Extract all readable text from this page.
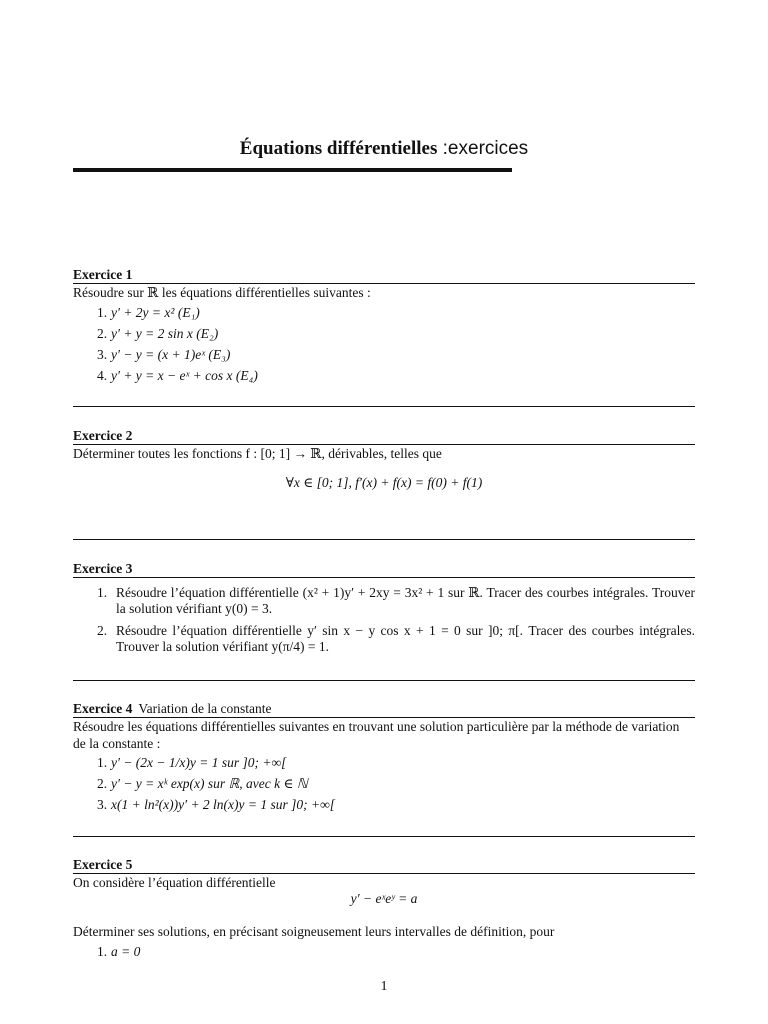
Équations différentielles :exercices
Exercice 1
Résoudre sur ℝ les équations différentielles suivantes :
1. y′ + 2y = x² (E₁)
2. y′ + y = 2 sin x (E₂)
3. y′ − y = (x + 1)eˣ (E₃)
4. y′ + y = x − eˣ + cos x (E₄)
Exercice 2
Déterminer toutes les fonctions f : [0; 1] → ℝ, dérivables, telles que
∀x ∈ [0; 1], f′(x) + f(x) = f(0) + f(1)
Exercice 3
1. Résoudre l’équation différentielle (x² + 1)y′ + 2xy = 3x² + 1 sur ℝ. Tracer des courbes intégrales. Trouver la solution vérifiant y(0) = 3.
2. Résoudre l’équation différentielle y′ sin x − y cos x + 1 = 0 sur ]0; π[. Tracer des courbes intégrales. Trouver la solution vérifiant y(π/4) = 1.
Exercice 4 Variation de la constante
Résoudre les équations différentielles suivantes en trouvant une solution particulière par la méthode de variation de la constante :
1. y′ − (2x − 1/x)y = 1 sur ]0; +∞[
2. y′ − y = xᵏ exp(x) sur ℝ, avec k ∈ ℕ
3. x(1 + ln²(x))y′ + 2 ln(x)y = 1 sur ]0; +∞[
Exercice 5
On considère l’équation différentielle
y′ − eˣeʸ = a
Déterminer ses solutions, en précisant soigneusement leurs intervalles de définition, pour
1. a = 0
1
